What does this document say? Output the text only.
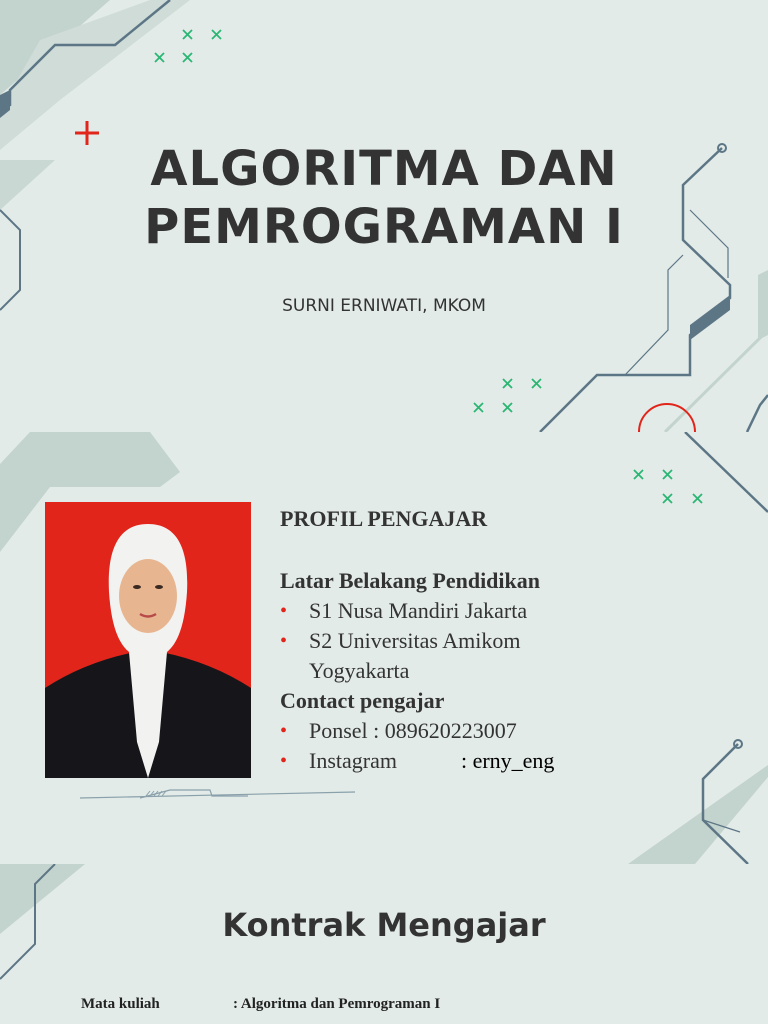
ALGORITMA DAN
PEMROGRAMAN I

SURNI ERNIWATI, MKOM

PROFIL PENGAJAR

Latar Belakang Pendidikan

• S1 Nusa Mandiri Jakarta
• S2 Universitas Amikom
Yogyakarta

Contact pengajar

• Ponsel : 089620223007
• Instagram	: erny_eng
Kontrak Mengajar
Mata kuliah	: Algoritma dan Pemrograman I
